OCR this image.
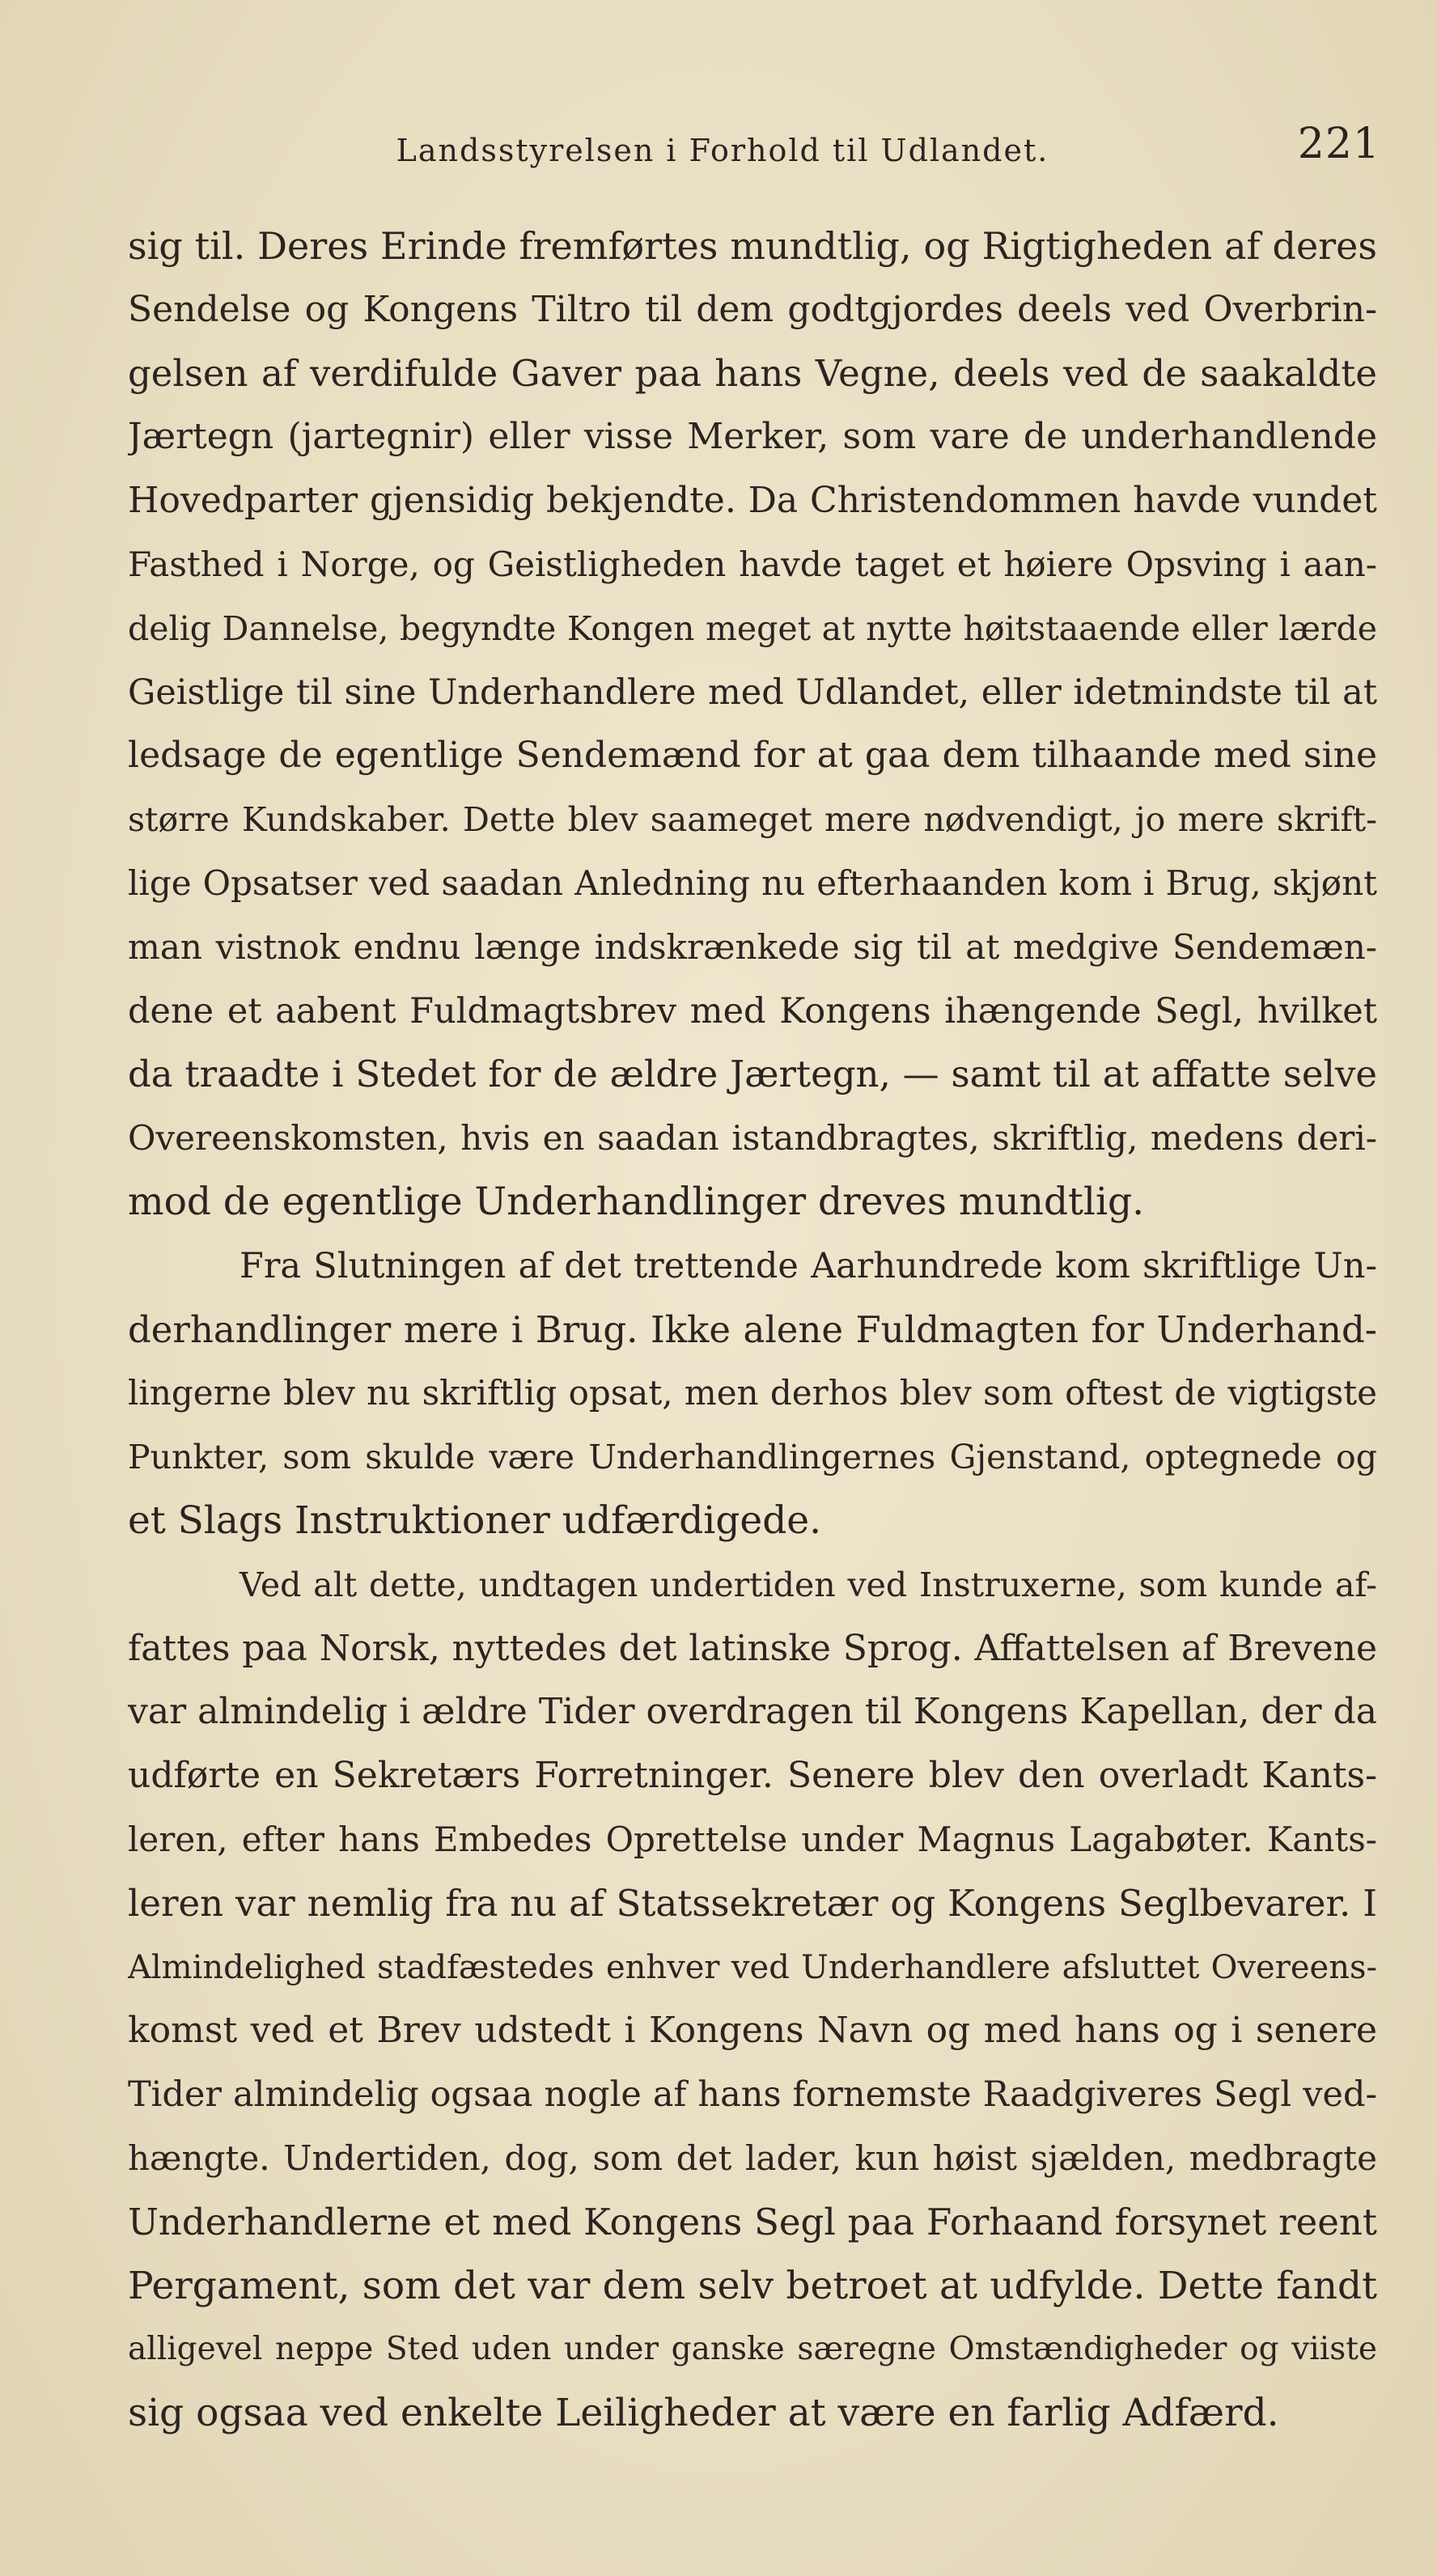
Landsstyrelsen i Forhold til Udlandet.	221
sig til. Deres Erinde fremførtes mundtlig, og Rigtigheden af deres
Sendelse og Kongens Tiltro til dem godtgjordes deels ved Overbrin-
gelsen af verdifulde Gaver paa hans Vegne, deels ved de saakaldte
Jærtegn (jartegnir) eller visse Merker, som vare de underhandlende
Hovedparter gjensidig bekjendte. Da Christendommen havde vundet
Fasthed i Norge, og Geistligheden havde taget et høiere Opsving i aan-
delig Dannelse, begyndte Kongen meget at nytte høitstaaende eller lærde
Geistlige til sine Underhandlere med Udlandet, eller idetmindste til at
ledsage de egentlige Sendemænd for at gaa dem tilhaande med sine
større Kundskaber. Dette blev saameget mere nødvendigt, jo mere skrift-
lige Opsatser ved saadan Anledning nu efterhaanden kom i Brug, skjønt
man vistnok endnu længe indskrænkede sig til at medgive Sendemæn-
dene et aabent Fuldmagtsbrev med Kongens ihængende Segl, hvilket
da traadte i Stedet for de ældre Jærtegn, — samt til at affatte selve
Overeenskomsten, hvis en saadan istandbragtes, skriftlig, medens deri-
mod de egentlige Underhandlinger dreves mundtlig.
Fra Slutningen af det trettende Aarhundrede kom skriftlige Un-
derhandlinger mere i Brug. Ikke alene Fuldmagten for Underhand-
lingerne blev nu skriftlig opsat, men derhos blev som oftest de vigtigste
Punkter, som skulde være Underhandlingernes Gjenstand, optegnede og
et Slags Instruktioner udfærdigede.
Ved alt dette, undtagen undertiden ved Instruxerne, som kunde af-
fattes paa Norsk, nyttedes det latinske Sprog. Affattelsen af Brevene
var almindelig i ældre Tider overdragen til Kongens Kapellan, der da
udførte en Sekretærs Forretninger. Senere blev den overladt Kants-
leren, efter hans Embedes Oprettelse under Magnus Lagabøter. Kants-
leren var nemlig fra nu af Statssekretær og Kongens Seglbevarer. I
Almindelighed stadfæstedes enhver ved Underhandlere afsluttet Overeens-
komst ved et Brev udstedt i Kongens Navn og med hans og i senere
Tider almindelig ogsaa nogle af hans fornemste Raadgiveres Segl ved-
hængte. Undertiden, dog, som det lader, kun høist sjælden, medbragte
Underhandlerne et med Kongens Segl paa Forhaand forsynet reent
Pergament, som det var dem selv betroet at udfylde. Dette fandt
alligevel neppe Sted uden under ganske særegne Omstændigheder og viiste
sig ogsaa ved enkelte Leiligheder at være en farlig Adfærd.
